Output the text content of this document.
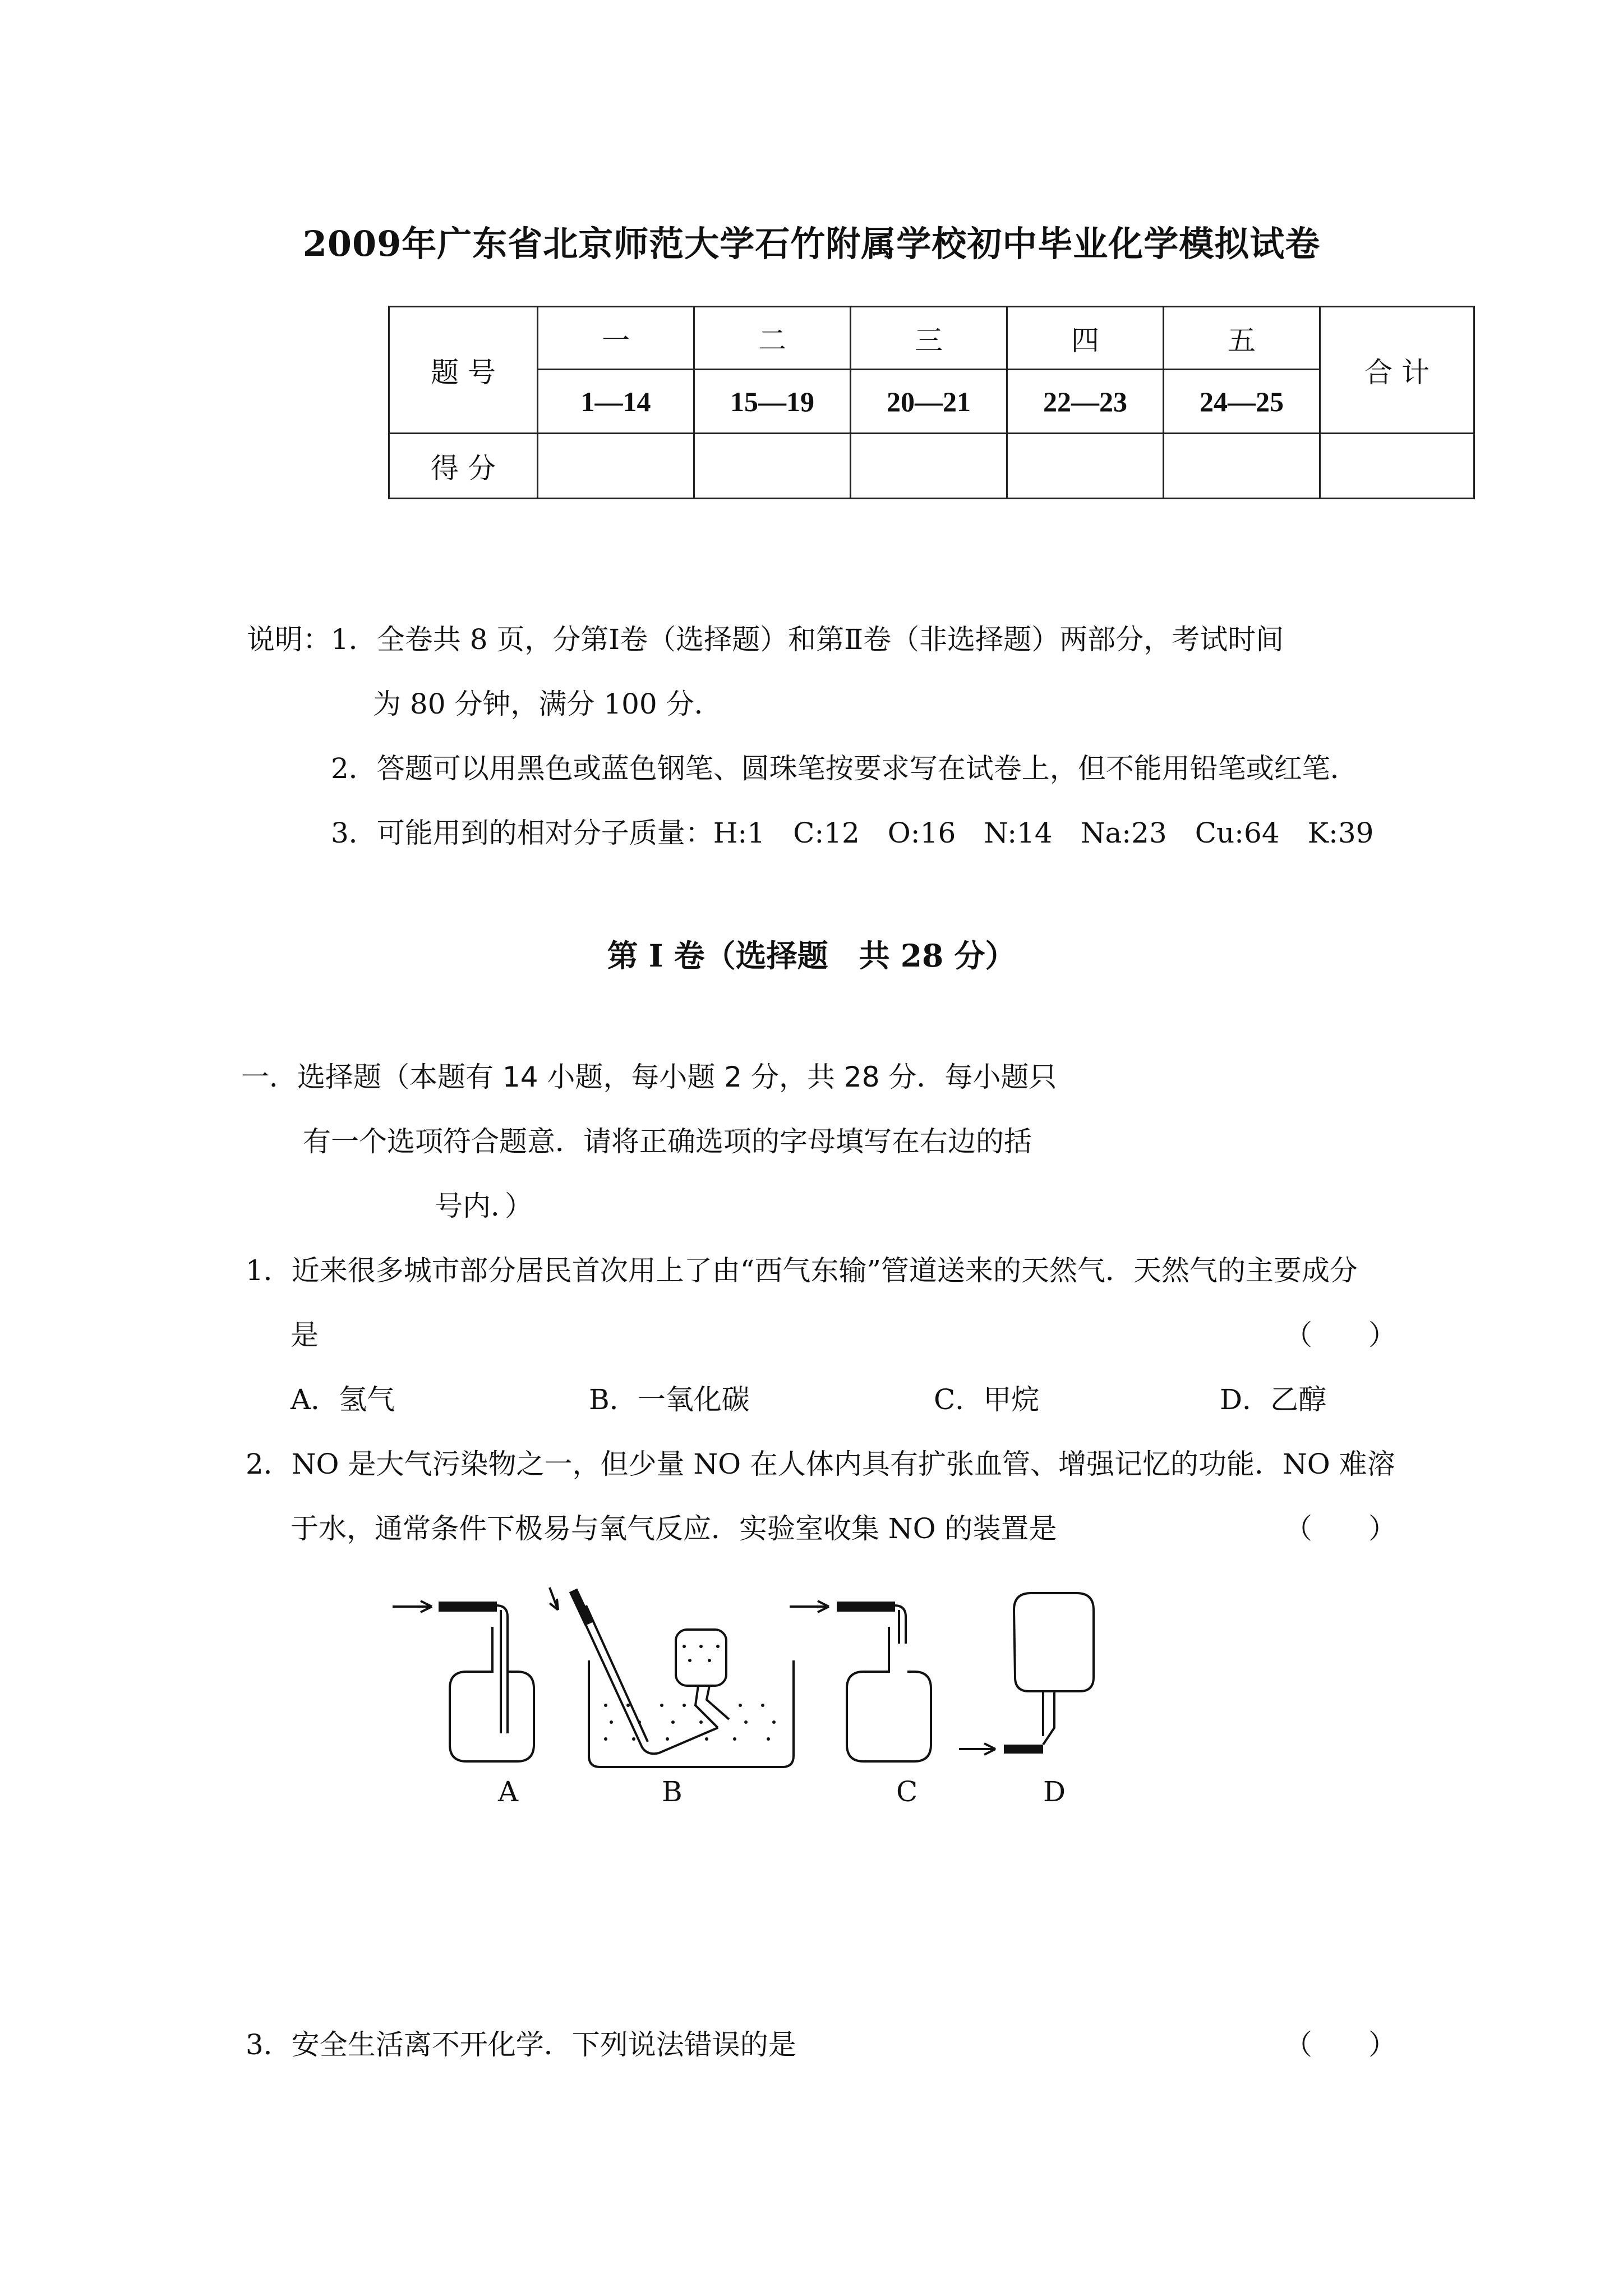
2009年广东省北京师范大学石竹附属学校初中毕业化学模拟试卷
题 号	一	二	三	四	五	合 计
	1—14	15—19	20—21	22—23	24—25	
得 分						
说明： 1．全卷共 8 页，分第Ⅰ卷（选择题）和第Ⅱ卷（非选择题）两部分，考试时间
为 80 分钟，满分 100 分．
2．答题可以用黑色或蓝色钢笔、圆珠笔按要求写在试卷上，但不能用铅笔或红笔．
3．可能用到的相对分子质量：H:1　C:12　O:16　N:14　Na:23　Cu:64　K:39
第 I 卷（选择题　共 28 分）
一．选择题（本题有 14 小题，每小题 2 分，共 28 分．每小题只
有一个选项符合题意．请将正确选项的字母填写在右边的括
号内．）
1．近来很多城市部分居民首次用上了由“西气东输”管道送来的天然气．天然气的主要成分
是	（　　）
A．氢气	B．一氧化碳	C．甲烷	D．乙醇
2．NO 是大气污染物之一，但少量 NO 在人体内具有扩张血管、增强记忆的功能．NO 难溶
于水，通常条件下极易与氧气反应．实验室收集 NO 的装置是	（　　）
A	B	C	D
3．安全生活离不开化学．下列说法错误的是	（　　）
